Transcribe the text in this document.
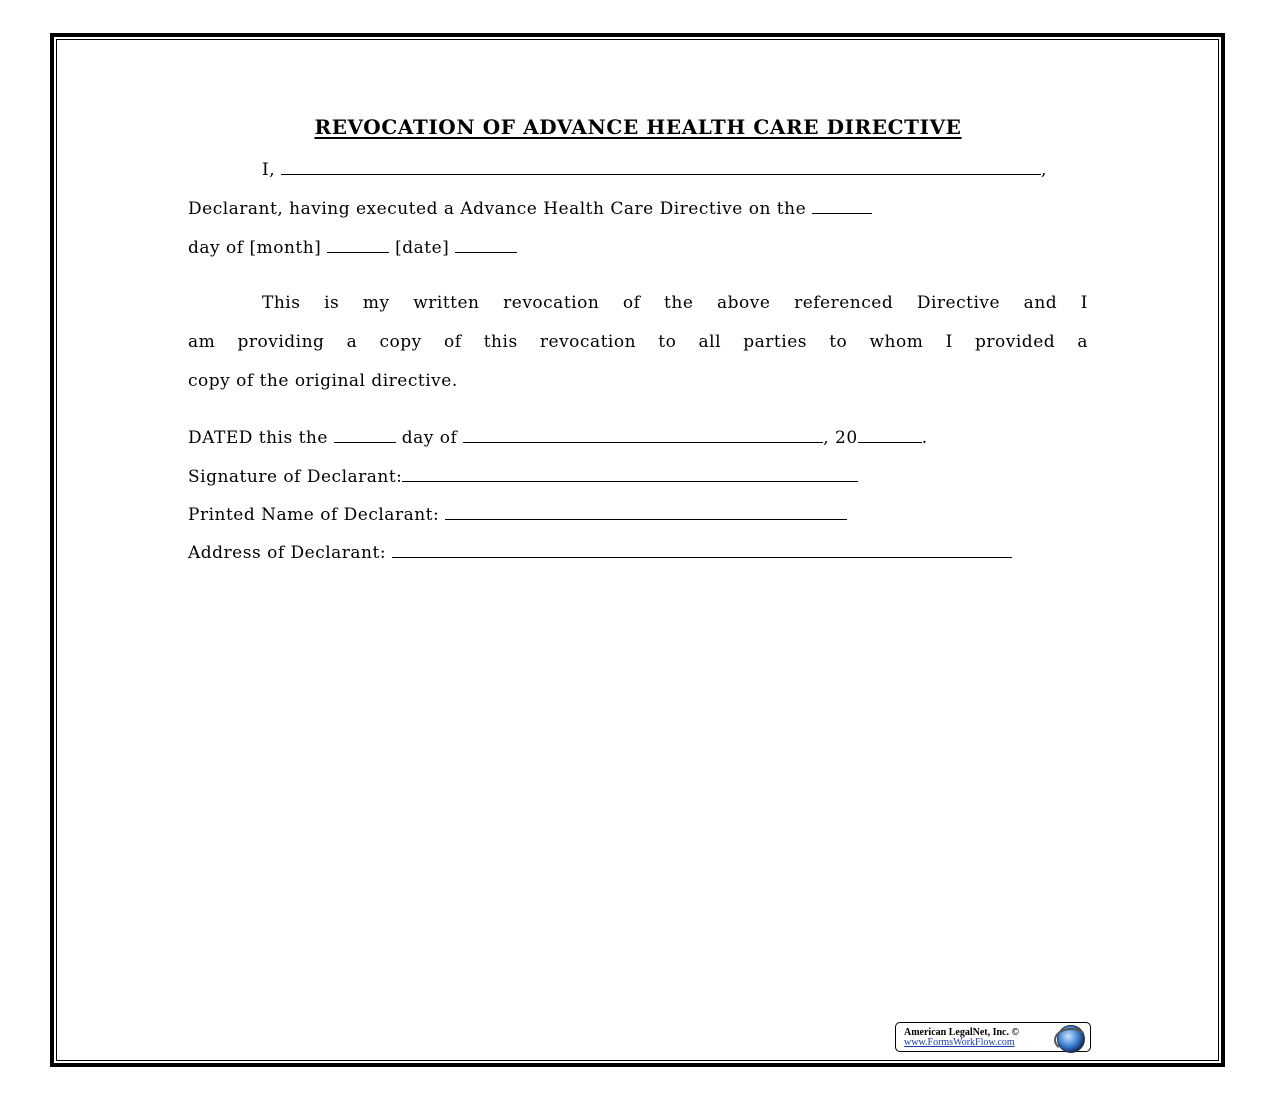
REVOCATION OF ADVANCE HEALTH CARE DIRECTIVE
I,	,
Declarant, having executed a Advance Health Care Directive on the
day of [month]	[date]
This is my written revocation of the above referenced Directive and I
am providing a copy of this revocation to all parties to whom I provided a
copy of the original directive.
DATED this the	day of	, 20	.
Signature of Declarant:
Printed Name of Declarant:
Address of Declarant:
American LegalNet, Inc. ©
www.FormsWorkFlow.com
